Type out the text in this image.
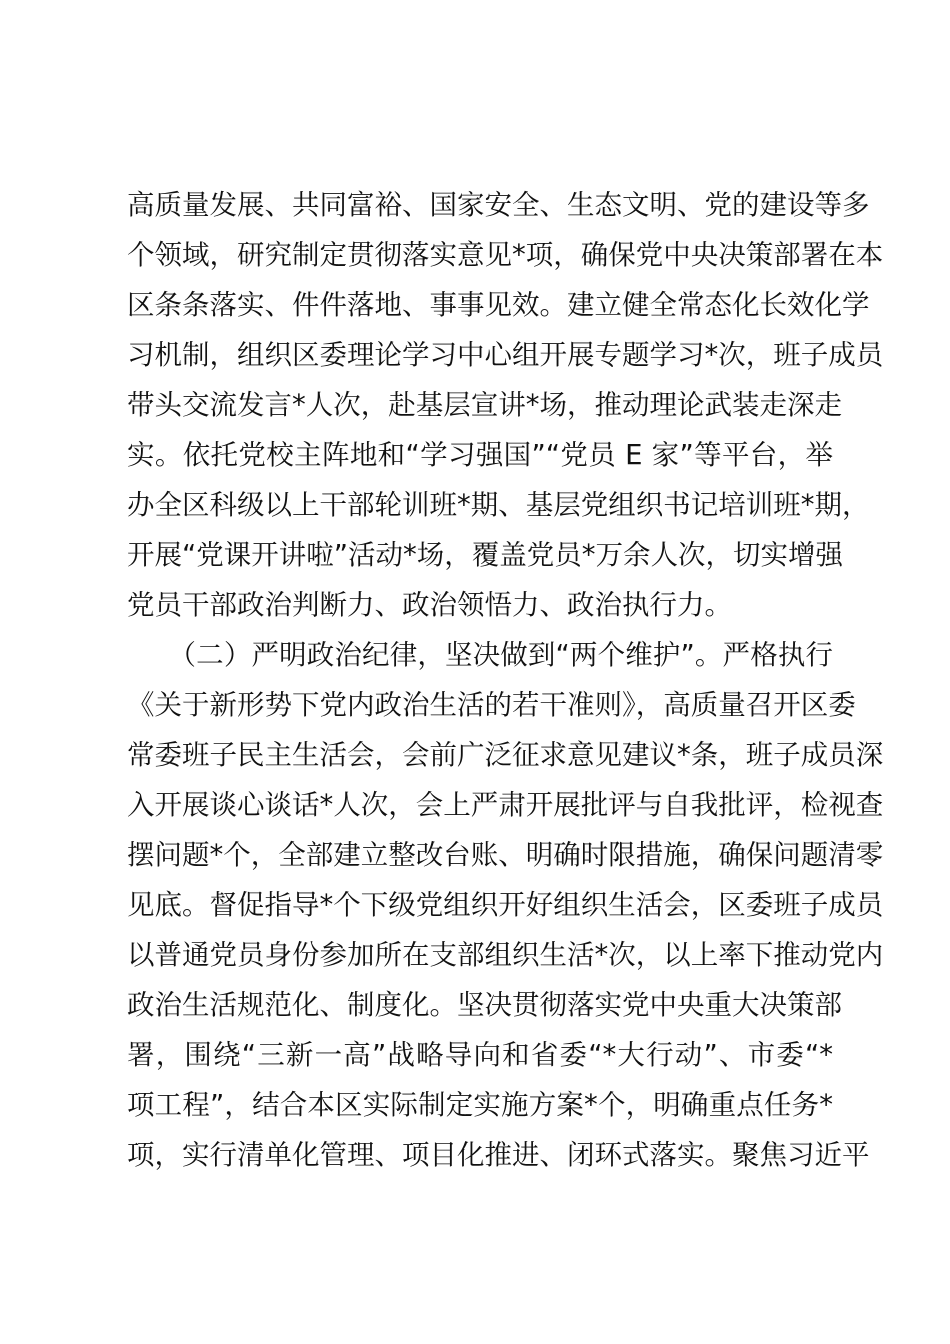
高质量发展、共同富裕、国家安全、生态文明、党的建设等多
个领域，研究制定贯彻落实意见*项，确保党中央决策部署在本
区条条落实、件件落地、事事见效。建立健全常态化长效化学
习机制，组织区委理论学习中心组开展专题学习*次，班子成员
带头交流发言*人次，赴基层宣讲*场，推动理论武装走深走
实。依托党校主阵地和“学习强国”“党员 E 家”等平台，举
办全区科级以上干部轮训班*期、基层党组织书记培训班*期，
开展“党课开讲啦”活动*场，覆盖党员*万余人次，切实增强
党员干部政治判断力、政治领悟力、政治执行力。
　　（二）严明政治纪律，坚决做到“两个维护”。严格执行
《关于新形势下党内政治生活的若干准则》，高质量召开区委
常委班子民主生活会，会前广泛征求意见建议*条，班子成员深
入开展谈心谈话*人次，会上严肃开展批评与自我批评，检视查
摆问题*个，全部建立整改台账、明确时限措施，确保问题清零
见底。督促指导*个下级党组织开好组织生活会，区委班子成员
以普通党员身份参加所在支部组织生活*次，以上率下推动党内
政治生活规范化、制度化。坚决贯彻落实党中央重大决策部
署，围绕“三新一高”战略导向和省委“*大行动”、市委“*
项工程”，结合本区实际制定实施方案*个，明确重点任务*
项，实行清单化管理、项目化推进、闭环式落实。聚焦习近平
